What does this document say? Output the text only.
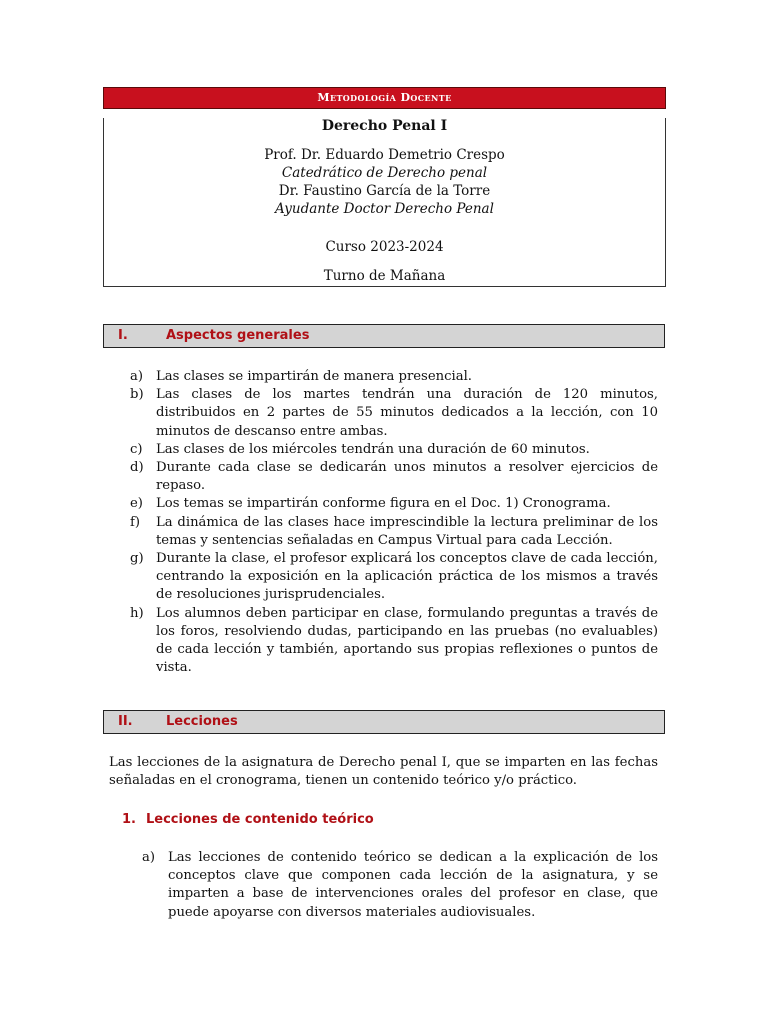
Metodología Docente
Derecho Penal I
Prof. Dr. Eduardo Demetrio Crespo
Catedrático de Derecho penal
Dr. Faustino García de la Torre
Ayudante Doctor Derecho Penal
Curso 2023-2024
Turno de Mañana
I.	Aspectos generales
a) Las clases se impartirán de manera presencial.
b) Las clases de los martes tendrán una duración de 120 minutos, distribuidos en 2 partes de 55 minutos dedicados a la lección, con 10 minutos de descanso entre ambas.
c) Las clases de los miércoles tendrán una duración de 60 minutos.
d) Durante cada clase se dedicarán unos minutos a resolver ejercicios de repaso.
e) Los temas se impartirán conforme figura en el Doc. 1) Cronograma.
f) La dinámica de las clases hace imprescindible la lectura preliminar de los temas y sentencias señaladas en Campus Virtual para cada Lección.
g) Durante la clase, el profesor explicará los conceptos clave de cada lección, centrando la exposición en la aplicación práctica de los mismos a través de resoluciones jurisprudenciales.
h) Los alumnos deben participar en clase, formulando preguntas a través de los foros, resolviendo dudas, participando en las pruebas (no evaluables) de cada lección y también, aportando sus propias reflexiones o puntos de vista.
II.	Lecciones
Las lecciones de la asignatura de Derecho penal I, que se imparten en las fechas señaladas en el cronograma, tienen un contenido teórico y/o práctico.
1. Lecciones de contenido teórico
a) Las lecciones de contenido teórico se dedican a la explicación de los conceptos clave que componen cada lección de la asignatura, y se imparten a base de intervenciones orales del profesor en clase, que puede apoyarse con diversos materiales audiovisuales.
